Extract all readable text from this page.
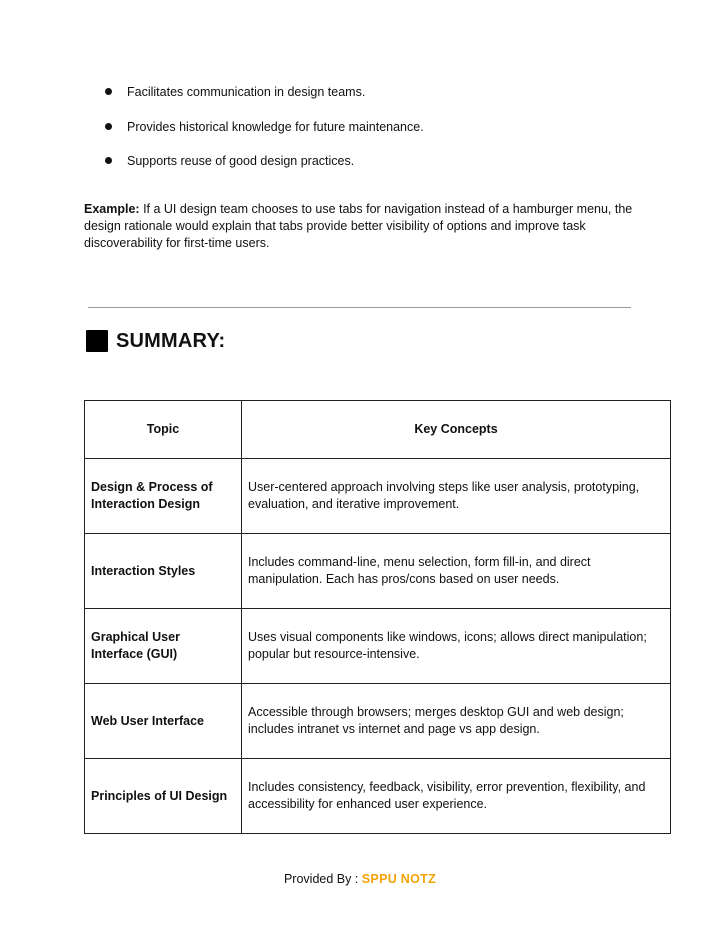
Facilitates communication in design teams.
Provides historical knowledge for future maintenance.
Supports reuse of good design practices.

Example: If a UI design team chooses to use tabs for navigation instead of a hamburger menu, the design rationale would explain that tabs provide better visibility of options and improve task discoverability for first-time users.

SUMMARY:
Topic	Key Concepts
Design & Process of Interaction Design	User-centered approach involving steps like user analysis, prototyping, evaluation, and iterative improvement.
Interaction Styles	Includes command-line, menu selection, form fill-in, and direct manipulation. Each has pros/cons based on user needs.
Graphical User Interface (GUI)	Uses visual components like windows, icons; allows direct manipulation; popular but resource-intensive.
Web User Interface	Accessible through browsers; merges desktop GUI and web design; includes intranet vs internet and page vs app design.
Principles of UI Design	Includes consistency, feedback, visibility, error prevention, flexibility, and accessibility for enhanced user experience.
Provided By : SPPU NOTZ
